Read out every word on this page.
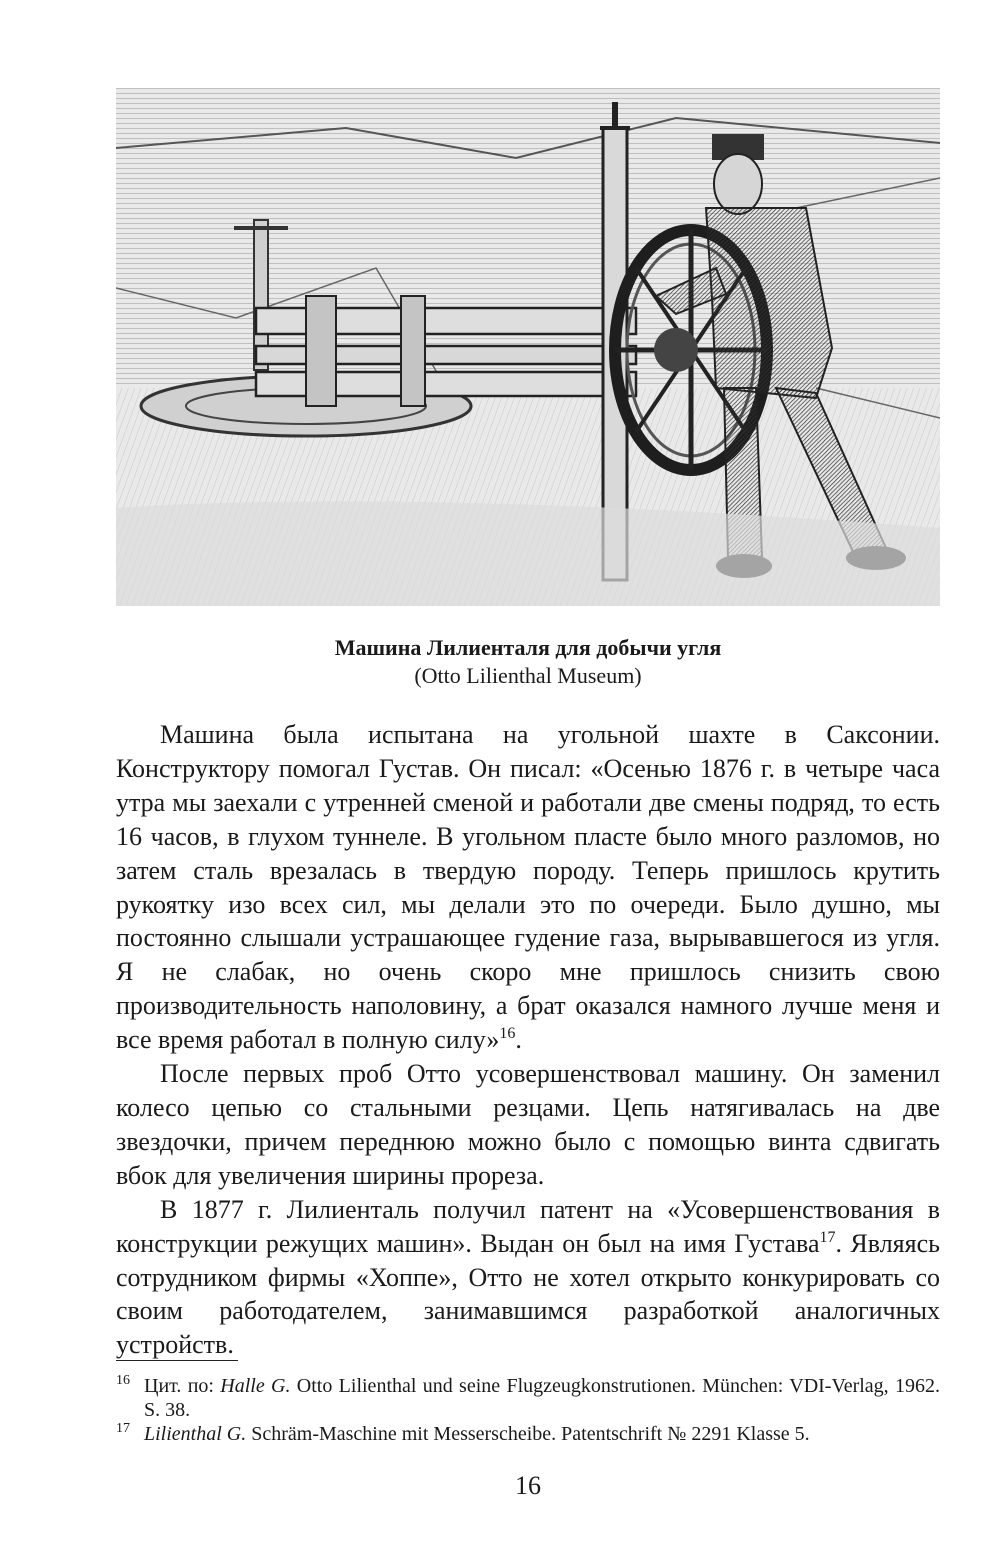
Машина Лилиенталя для добычи угля
(Otto Lilienthal Museum)

Машина была испытана на угольной шахте в Саксонии. Конструктору помогал Густав. Он писал: «Осенью 1876 г. в четыре часа утра мы заехали с утренней сменой и работали две смены подряд, то есть 16 часов, в глухом туннеле. В угольном пласте было много разломов, но затем сталь врезалась в твердую породу. Теперь пришлось крутить рукоятку изо всех сил, мы делали это по очереди. Было душно, мы постоянно слышали устрашающее гудение газа, вырывавшегося из угля. Я не слабак, но очень скоро мне пришлось снизить свою производительность наполовину, а брат оказался намного лучше меня и все время работал в полную силу»$^{16}$.

После первых проб Отто усовершенствовал машину. Он заменил колесо цепью со стальными резцами. Цепь натягивалась на две звездочки, причем переднюю можно было с помощью винта сдвигать вбок для увеличения ширины прореза.

В 1877 г. Лилиенталь получил патент на «Усовершенствования в конструкции режущих машин». Выдан он был на имя Густава$^{17}$. Являясь сотрудником фирмы «Хоппе», Отто не хотел открыто конкурировать со своим работодателем, занимавшимся разработкой аналогичных устройств.

$^{16}$ Цит. по: Halle G. Otto Lilienthal und seine Flugzeugkonstrutionen. München: VDI-Verlag, 1962. S. 38.

$^{17}$ Lilienthal G. Schräm-Maschine mit Messerscheibe. Patentschrift № 2291 Klasse 5.

16
